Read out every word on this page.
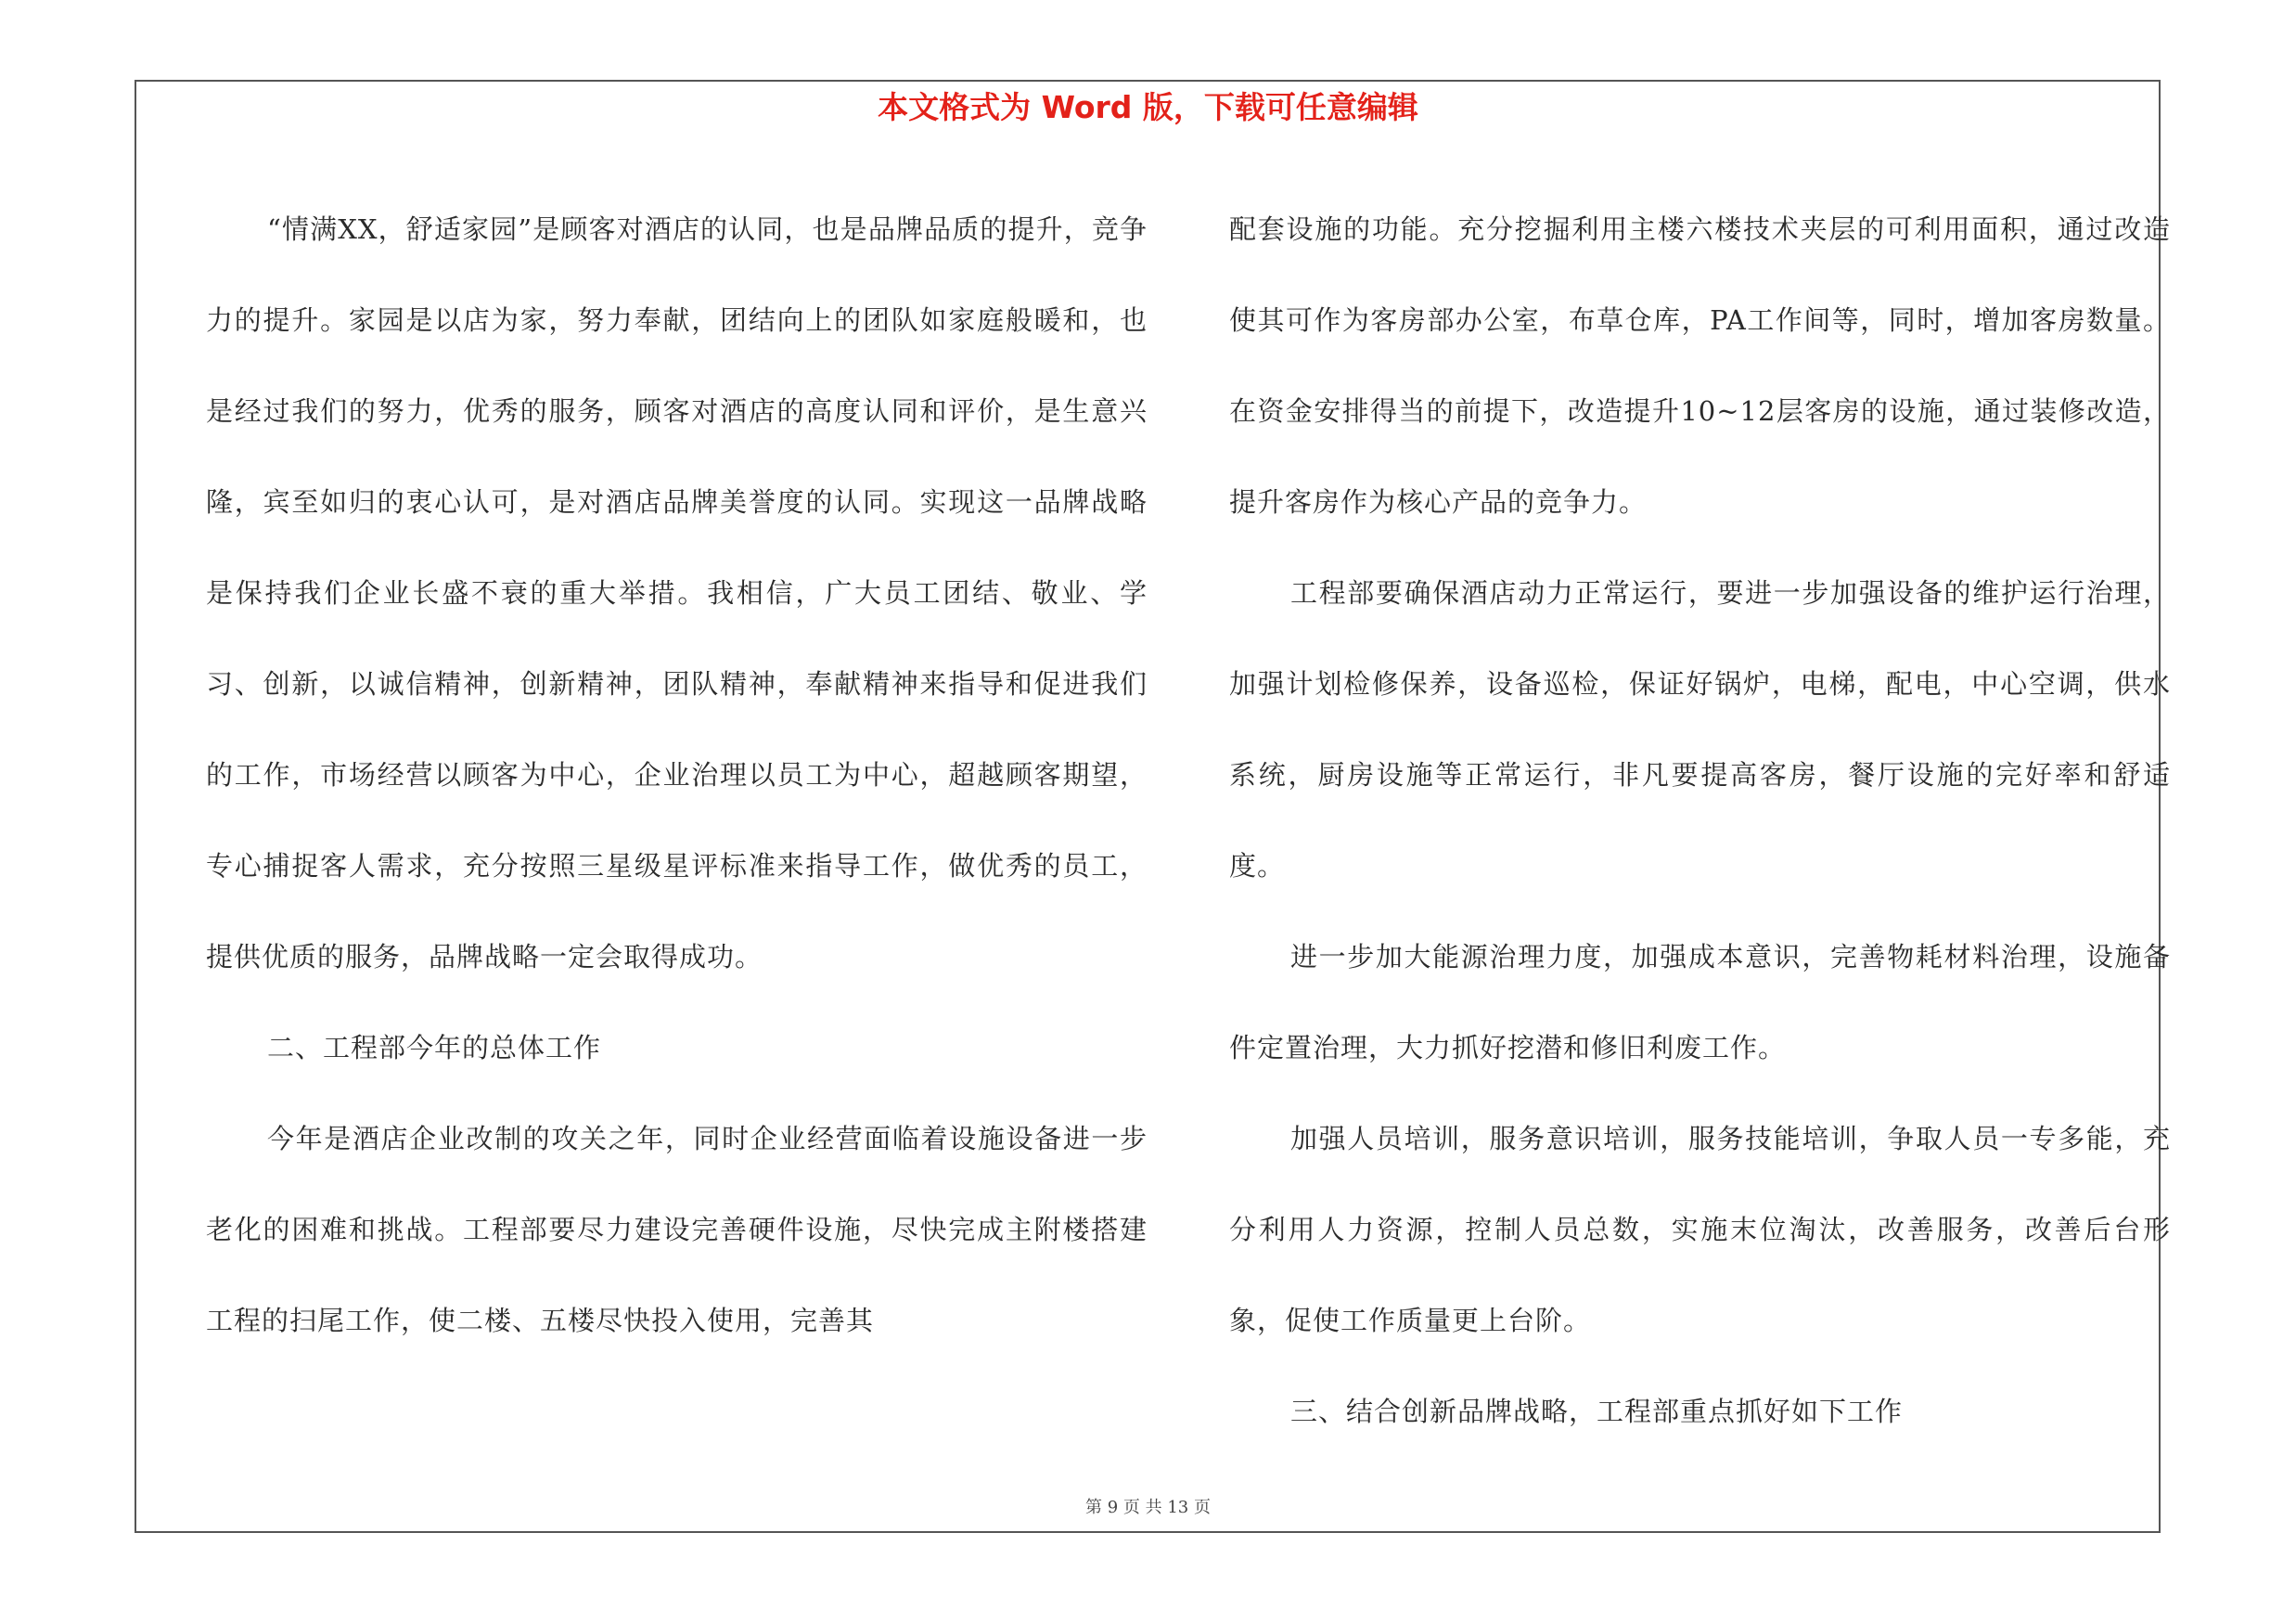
本文格式为 Word 版，下载可任意编辑

“情满XX，舒适家园”是顾客对酒店的认同，也是品牌品质的提升，竞争力的提升。家园是以店为家，努力奉献，团结向上的团队如家庭般暖和，也是经过我们的努力，优秀的服务，顾客对酒店的高度认同和评价，是生意兴隆，宾至如归的衷心认可，是对酒店品牌美誉度的认同。实现这一品牌战略是保持我们企业长盛不衰的重大举措。我相信，广大员工团结、敬业、学习、创新，以诚信精神，创新精神，团队精神，奉献精神来指导和促进我们的工作，市场经营以顾客为中心，企业治理以员工为中心，超越顾客期望，专心捕捉客人需求，充分按照三星级星评标准来指导工作，做优秀的员工，提供优质的服务，品牌战略一定会取得成功。

二、工程部今年的总体工作

今年是酒店企业改制的攻关之年，同时企业经营面临着设施设备进一步老化的困难和挑战。工程部要尽力建设完善硬件设施，尽快完成主附楼搭建工程的扫尾工作，使二楼、五楼尽快投入使用，完善其

配套设施的功能。充分挖掘利用主楼六楼技术夹层的可利用面积，通过改造使其可作为客房部办公室，布草仓库，PA工作间等，同时，增加客房数量。在资金安排得当的前提下，改造提升10~12层客房的设施，通过装修改造，提升客房作为核心产品的竞争力。

工程部要确保酒店动力正常运行，要进一步加强设备的维护运行治理，加强计划检修保养，设备巡检，保证好锅炉，电梯，配电，中心空调，供水系统，厨房设施等正常运行，非凡要提高客房，餐厅设施的完好率和舒适度。

进一步加大能源治理力度，加强成本意识，完善物耗材料治理，设施备件定置治理，大力抓好挖潜和修旧利废工作。

加强人员培训，服务意识培训，服务技能培训，争取人员一专多能，充分利用人力资源，控制人员总数，实施末位淘汰，改善服务，改善后台形象，促使工作质量更上台阶。

三、结合创新品牌战略，工程部重点抓好如下工作

第 9 页 共 13 页
